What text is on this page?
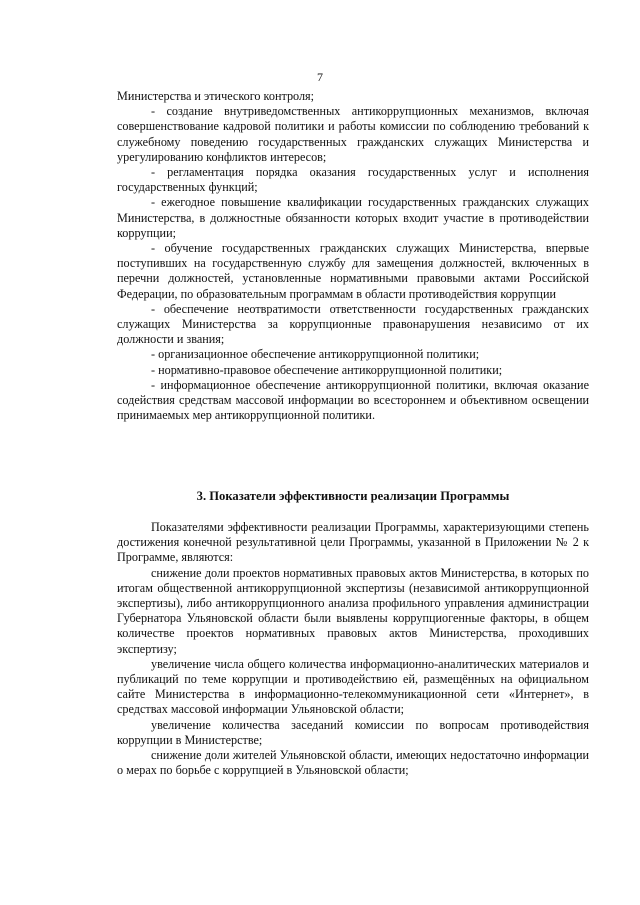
7

Министерства и этического контроля;

- создание внутриведомственных антикоррупционных механизмов, включая совершенствование кадровой политики и работы комиссии по соблюдению требований к служебному поведению государственных гражданских служащих Министерства и урегулированию конфликтов интересов;

- регламентация порядка оказания государственных услуг и исполнения государственных функций;

- ежегодное повышение квалификации государственных гражданских служащих Министерства, в должностные обязанности которых входит участие в противодействии коррупции;

- обучение государственных гражданских служащих Министерства, впервые поступивших на государственную службу для замещения должностей, включенных в перечни должностей, установленные нормативными правовыми актами Российской Федерации, по образовательным программам в области противодействия коррупции

- обеспечение неотвратимости ответственности государственных гражданских служащих Министерства за коррупционные правонарушения независимо от их должности и звания;

- организационное обеспечение антикоррупционной политики;

- нормативно-правовое обеспечение антикоррупционной политики;

- информационное обеспечение антикоррупционной политики, включая оказание содействия средствам массовой информации во всестороннем и объективном освещении принимаемых мер антикоррупционной политики.

3. Показатели эффективности реализации Программы

Показателями эффективности реализации Программы, характеризующими степень достижения конечной результативной цели Программы, указанной в Приложении № 2 к Программе, являются:

снижение доли проектов нормативных правовых актов Министерства, в которых по итогам общественной антикоррупционной экспертизы (независимой антикоррупционной экспертизы), либо антикоррупционного анализа профильного управления администрации Губернатора Ульяновской области были выявлены коррупциогенные факторы, в общем количестве проектов нормативных правовых актов Министерства, проходивших экспертизу;

увеличение числа общего количества информационно-аналитических материалов и публикаций по теме коррупции и противодействию ей, размещённых на официальном сайте Министерства в информационно-телекоммуникационной сети «Интернет», в средствах массовой информации Ульяновской области;

увеличение количества заседаний комиссии по вопросам противодействия коррупции в Министерстве;

снижение доли жителей Ульяновской области, имеющих недостаточно информации о мерах по борьбе с коррупцией в Ульяновской области;
